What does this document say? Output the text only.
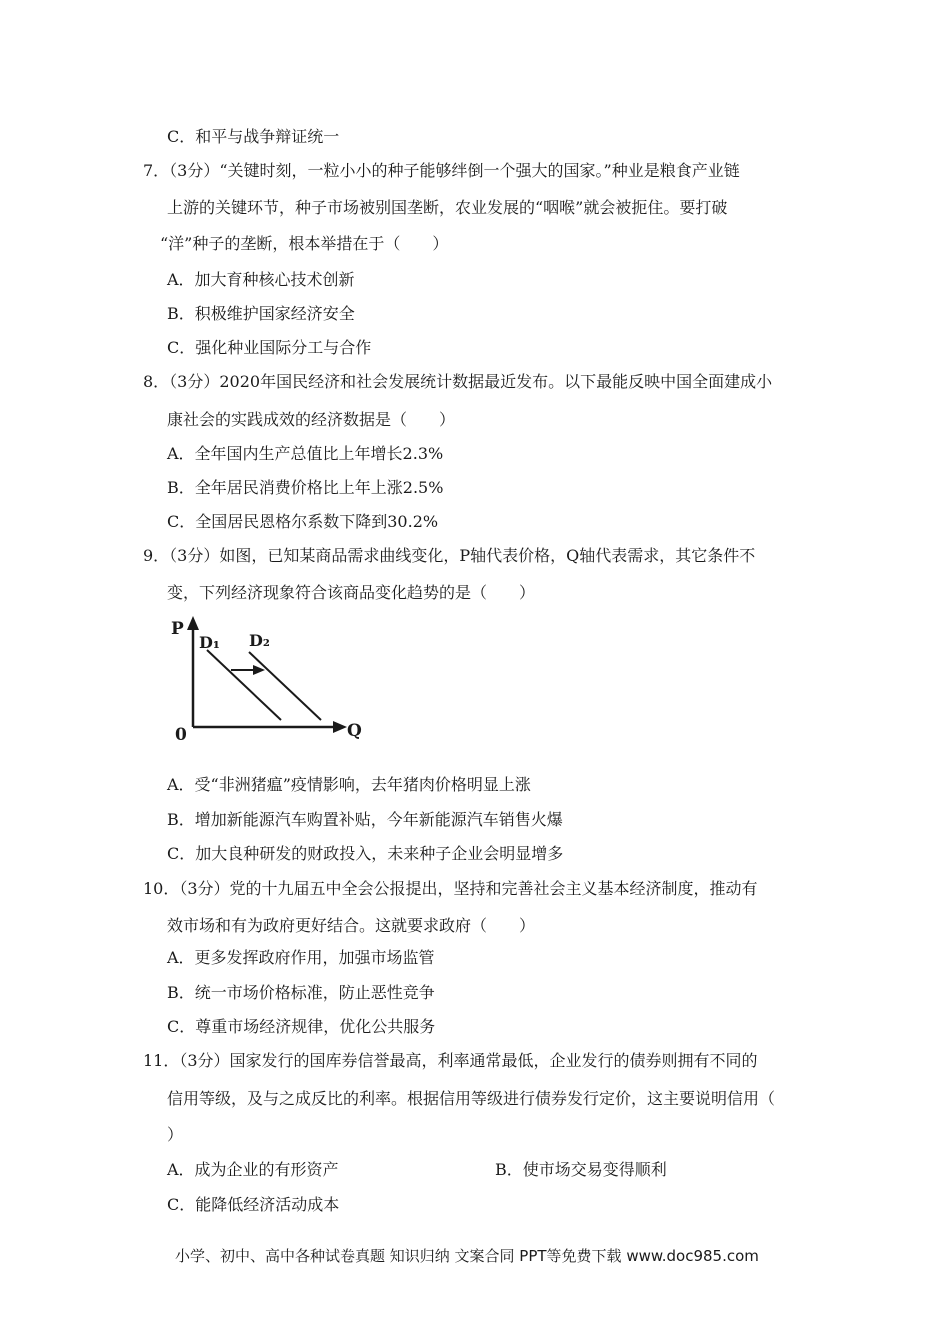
C．和平与战争辩证统一
7．（3分）“关键时刻，一粒小小的种子能够绊倒一个强大的国家。”种业是粮食产业链
上游的关键环节，种子市场被别国垄断，农业发展的“咽喉”就会被扼住。要打破
“洋”种子的垄断，根本举措在于（　　）
A．加大育种核心技术创新
B．积极维护国家经济安全
C．强化种业国际分工与合作
8．（3分）2020年国民经济和社会发展统计数据最近发布。以下最能反映中国全面建成小
康社会的实践成效的经济数据是（　　）
A．全年国内生产总值比上年增长2.3%
B．全年居民消费价格比上年上涨2.5%
C．全国居民恩格尔系数下降到30.2%
9．（3分）如图，已知某商品需求曲线变化，P轴代表价格，Q轴代表需求，其它条件不
变，下列经济现象符合该商品变化趋势的是（　　）
P
Q
0
D₁ D₂
A．受“非洲猪瘟”疫情影响，去年猪肉价格明显上涨
B．增加新能源汽车购置补贴，今年新能源汽车销售火爆
C．加大良种研发的财政投入，未来种子企业会明显增多
10．（3分）党的十九届五中全会公报提出，坚持和完善社会主义基本经济制度，推动有
效市场和有为政府更好结合。这就要求政府（　　）
A．更多发挥政府作用，加强市场监管
B．统一市场价格标准，防止恶性竞争
C．尊重市场经济规律，优化公共服务
11．（3分）国家发行的国库券信誉最高，利率通常最低，企业发行的债券则拥有不同的
信用等级，及与之成反比的利率。根据信用等级进行债券发行定价，这主要说明信用（
）
A．成为企业的有形资产	B．使市场交易变得顺利
C．能降低经济活动成本
小学、初中、高中各种试卷真题 知识归纳 文案合同 PPT等免费下载 www.doc985.com
